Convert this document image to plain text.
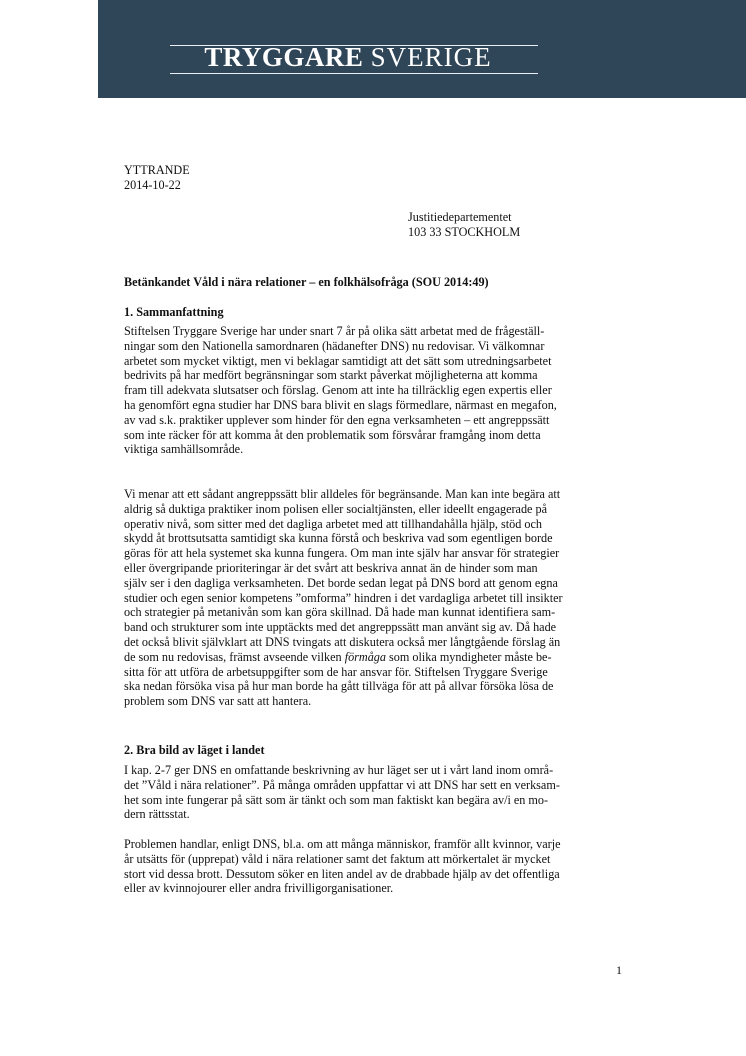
TRYGGARE SVERIGE
YTTRANDE
2014-10-22
Justitiedepartementet
103 33 STOCKHOLM
Betänkandet Våld i nära relationer – en folkhälsofråga (SOU 2014:49)
1. Sammanfattning
Stiftelsen Tryggare Sverige har under snart 7 år på olika sätt arbetat med de frågeställ-
ningar som den Nationella samordnaren (hädanefter DNS) nu redovisar. Vi välkomnar
arbetet som mycket viktigt, men vi beklagar samtidigt att det sätt som utredningsarbetet
bedrivits på har medfört begränsningar som starkt påverkat möjligheterna att komma
fram till adekvata slutsatser och förslag. Genom att inte ha tillräcklig egen expertis eller
ha genomfört egna studier har DNS bara blivit en slags förmedlare, närmast en megafon,
av vad s.k. praktiker upplever som hinder för den egna verksamheten – ett angreppssätt
som inte räcker för att komma åt den problematik som försvårar framgång inom detta
viktiga samhällsområde.
Vi menar att ett sådant angreppssätt blir alldeles för begränsande. Man kan inte begära att
aldrig så duktiga praktiker inom polisen eller socialtjänsten, eller ideellt engagerade på
operativ nivå, som sitter med det dagliga arbetet med att tillhandahålla hjälp, stöd och
skydd åt brottsutsatta samtidigt ska kunna förstå och beskriva vad som egentligen borde
göras för att hela systemet ska kunna fungera. Om man inte själv har ansvar för strategier
eller övergripande prioriteringar är det svårt att beskriva annat än de hinder som man
själv ser i den dagliga verksamheten. Det borde sedan legat på DNS bord att genom egna
studier och egen senior kompetens ”omforma” hindren i det vardagliga arbetet till insikter
och strategier på metanivån som kan göra skillnad. Då hade man kunnat identifiera sam-
band och strukturer som inte upptäckts med det angreppssätt man använt sig av. Då hade
det också blivit självklart att DNS tvingats att diskutera också mer långtgående förslag än
de som nu redovisas, främst avseende vilken förmåga som olika myndigheter måste be-
sitta för att utföra de arbetsuppgifter som de har ansvar för. Stiftelsen Tryggare Sverige
ska nedan försöka visa på hur man borde ha gått tillväga för att på allvar försöka lösa de
problem som DNS var satt att hantera.
2. Bra bild av läget i landet
I kap. 2-7 ger DNS en omfattande beskrivning av hur läget ser ut i vårt land inom områ-
det ”Våld i nära relationer”. På många områden uppfattar vi att DNS har sett en verksam-
het som inte fungerar på sätt som är tänkt och som man faktiskt kan begära av/i en mo-
dern rättsstat.
Problemen handlar, enligt DNS, bl.a. om att många människor, framför allt kvinnor, varje
år utsätts för (upprepat) våld i nära relationer samt det faktum att mörkertalet är mycket
stort vid dessa brott. Dessutom söker en liten andel av de drabbade hjälp av det offentliga
eller av kvinnojourer eller andra frivilligorganisationer.
1
